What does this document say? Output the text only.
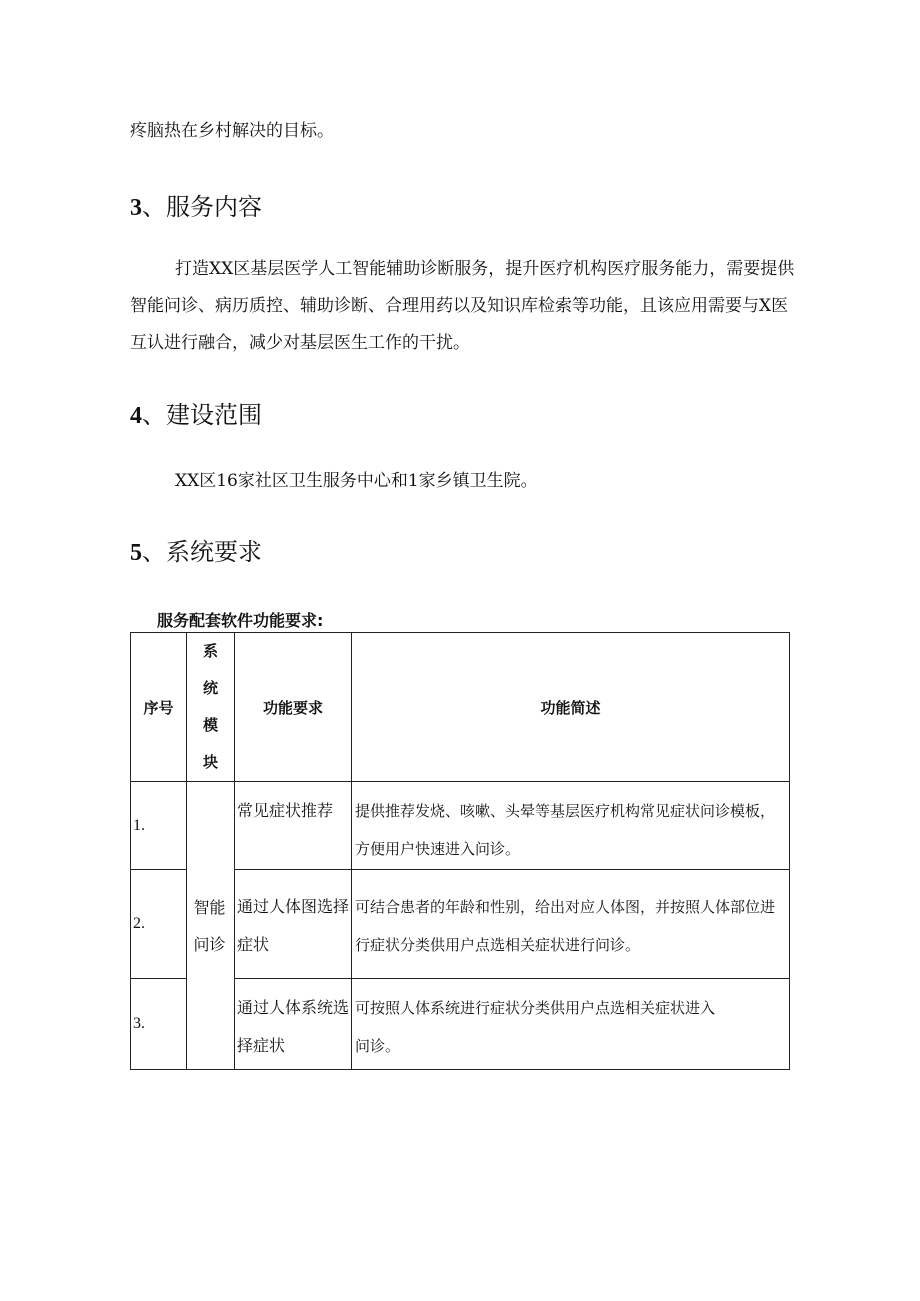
疼脑热在乡村解决的目标。
3、服务内容
打造XX区基层医学人工智能辅助诊断服务，提升医疗机构医疗服务能力，需要提供
智能问诊、病历质控、辅助诊断、合理用药以及知识库检索等功能，且该应用需要与X医
互认进行融合，减少对基层医生工作的干扰。
4、建设范围
XX区16家社区卫生服务中心和1家乡镇卫生院。
5、系统要求
服务配套软件功能要求:
序号	系统模块	功能要求	功能简述
1.	智能问诊	常见症状推荐	提供推荐发烧、咳嗽、头晕等基层医疗机构常见症状问诊模板，方便用户快速进入问诊。
2.		通过人体图选择症状	可结合患者的年龄和性别，给出对应人体图，并按照人体部位进行症状分类供用户点选相关症状进行问诊。
3.		通过人体系统选择症状	可按照人体系统进行症状分类供用户点选相关症状进入问诊。
